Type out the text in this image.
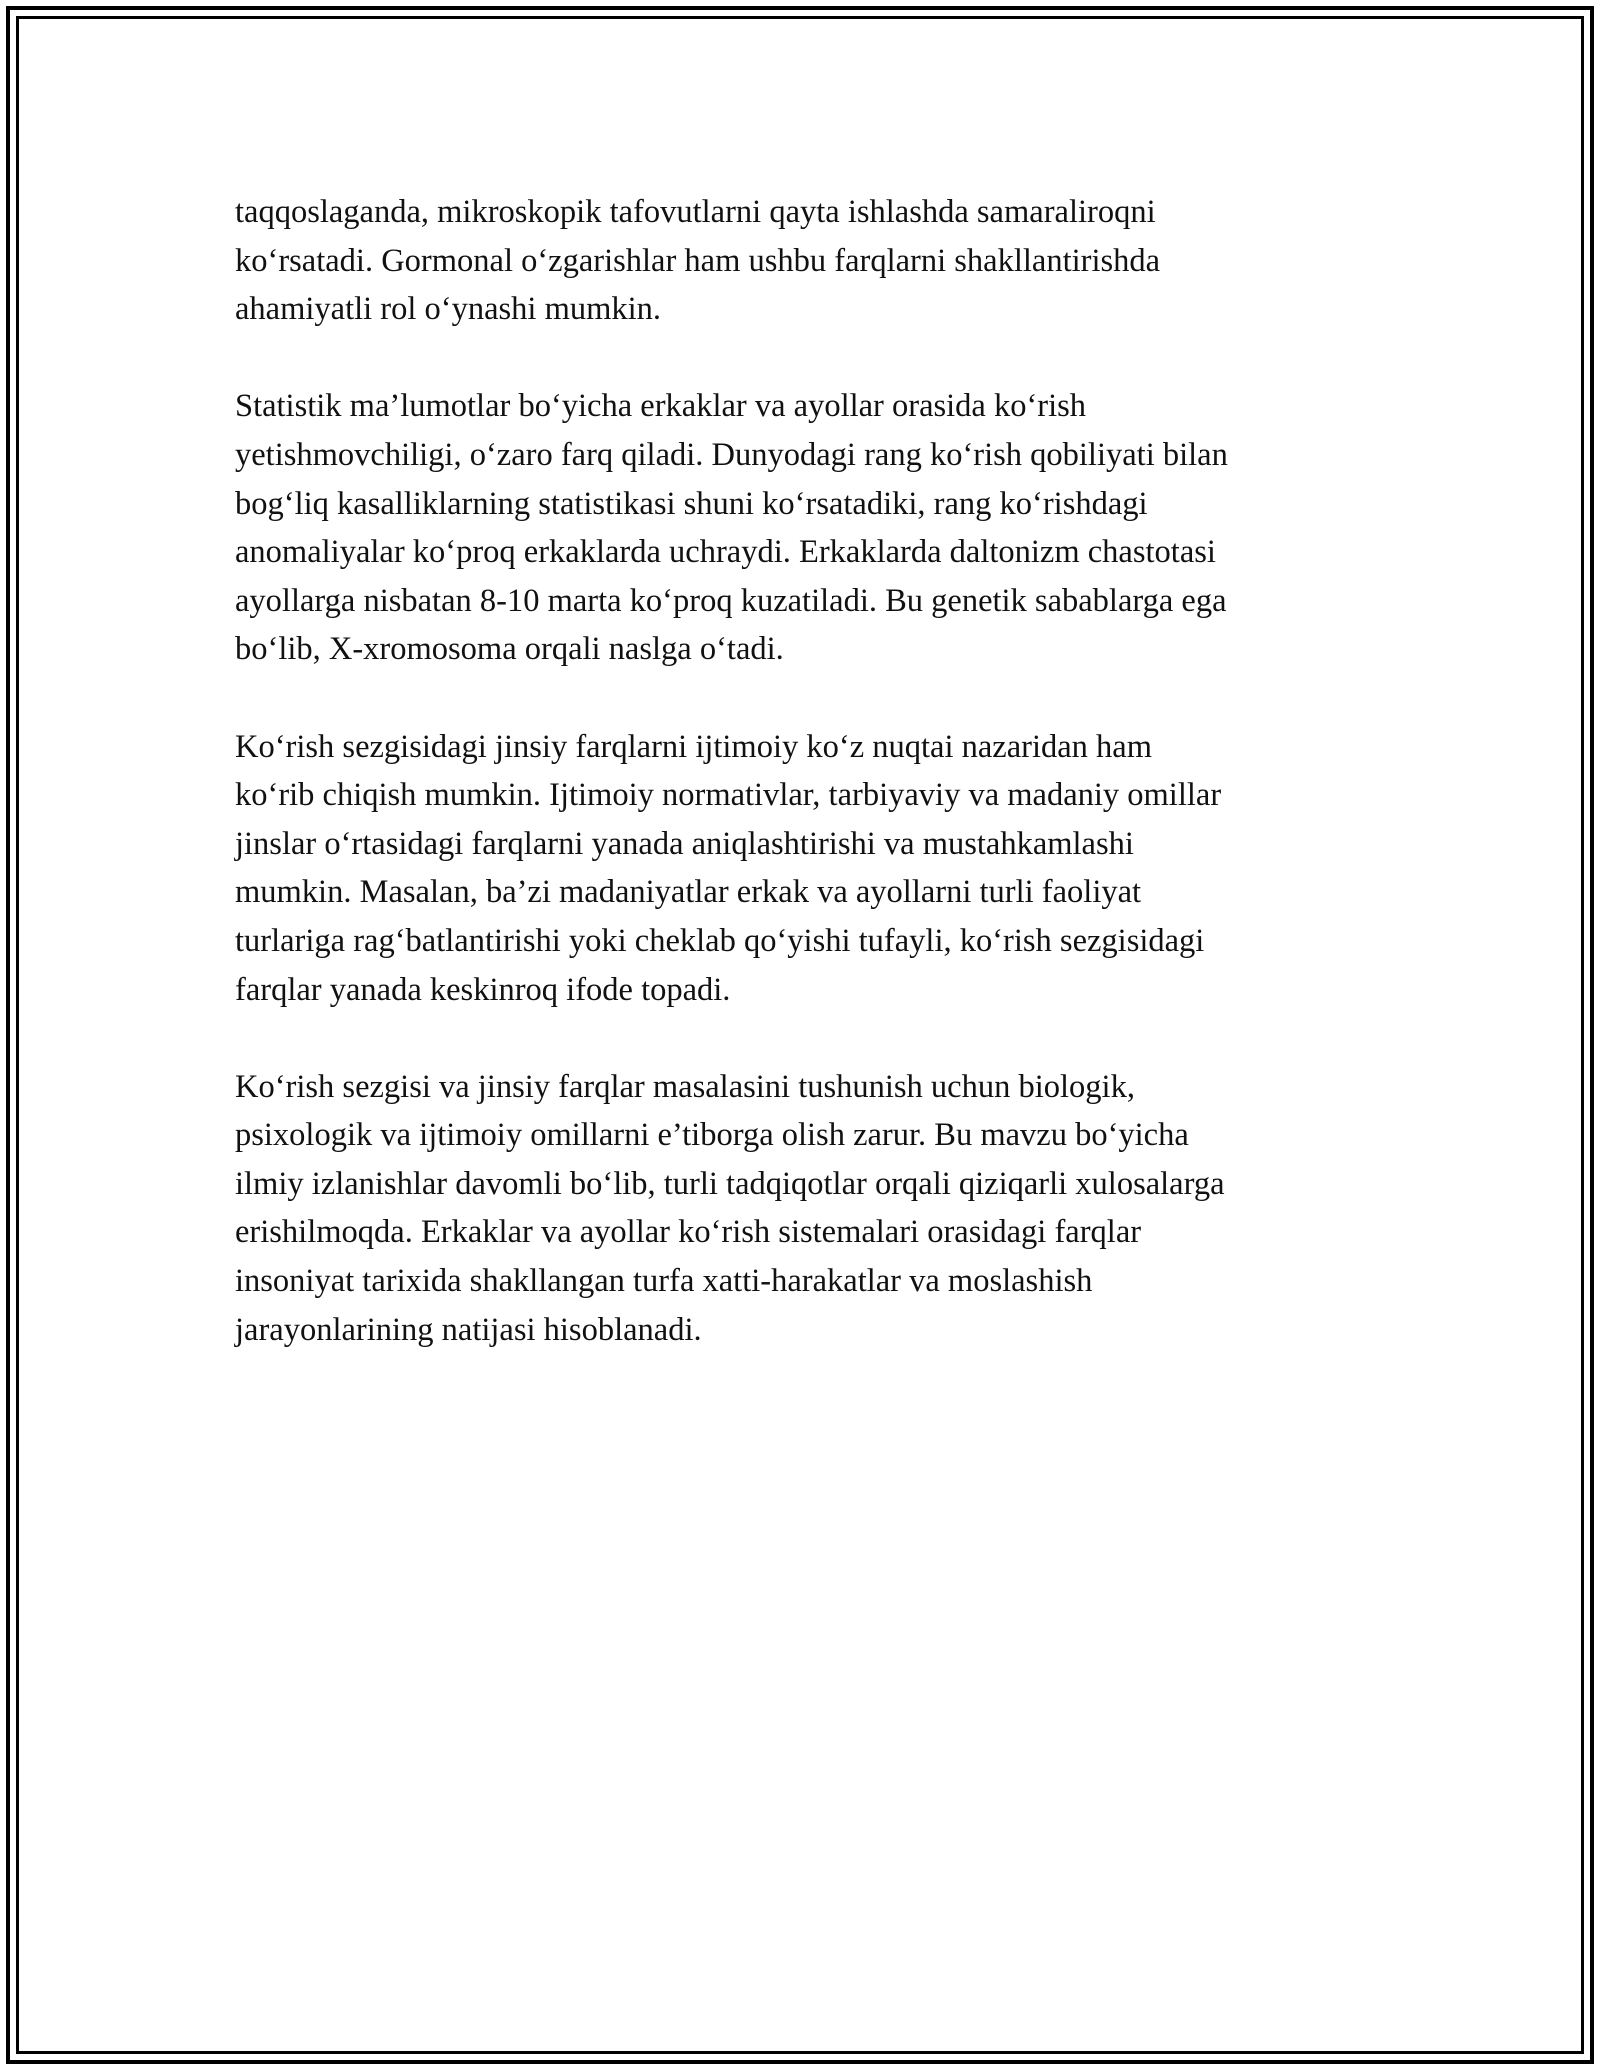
taqqoslaganda, mikroskopik tafovutlarni qayta ishlashda samaraliroqni
ko‘rsatadi. Gormonal o‘zgarishlar ham ushbu farqlarni shakllantirishda
ahamiyatli rol o‘ynashi mumkin.

Statistik ma’lumotlar bo‘yicha erkaklar va ayollar orasida ko‘rish
yetishmovchiligi, o‘zaro farq qiladi. Dunyodagi rang ko‘rish qobiliyati bilan
bog‘liq kasalliklarning statistikasi shuni ko‘rsatadiki, rang ko‘rishdagi
anomaliyalar ko‘proq erkaklarda uchraydi. Erkaklarda daltonizm chastotasi
ayollarga nisbatan 8-10 marta ko‘proq kuzatiladi. Bu genetik sabablarga ega
bo‘lib, X-xromosoma orqali naslga o‘tadi.

Ko‘rish sezgisidagi jinsiy farqlarni ijtimoiy ko‘z nuqtai nazaridan ham
ko‘rib chiqish mumkin. Ijtimoiy normativlar, tarbiyaviy va madaniy omillar
jinslar o‘rtasidagi farqlarni yanada aniqlashtirishi va mustahkamlashi
mumkin. Masalan, ba’zi madaniyatlar erkak va ayollarni turli faoliyat
turlariga rag‘batlantirishi yoki cheklab qo‘yishi tufayli, ko‘rish sezgisidagi
farqlar yanada keskinroq ifode topadi.

Ko‘rish sezgisi va jinsiy farqlar masalasini tushunish uchun biologik,
psixologik va ijtimoiy omillarni e’tiborga olish zarur. Bu mavzu bo‘yicha
ilmiy izlanishlar davomli bo‘lib, turli tadqiqotlar orqali qiziqarli xulosalarga
erishilmoqda. Erkaklar va ayollar ko‘rish sistemalari orasidagi farqlar
insoniyat tarixida shakllangan turfa xatti-harakatlar va moslashish
jarayonlarining natijasi hisoblanadi.
